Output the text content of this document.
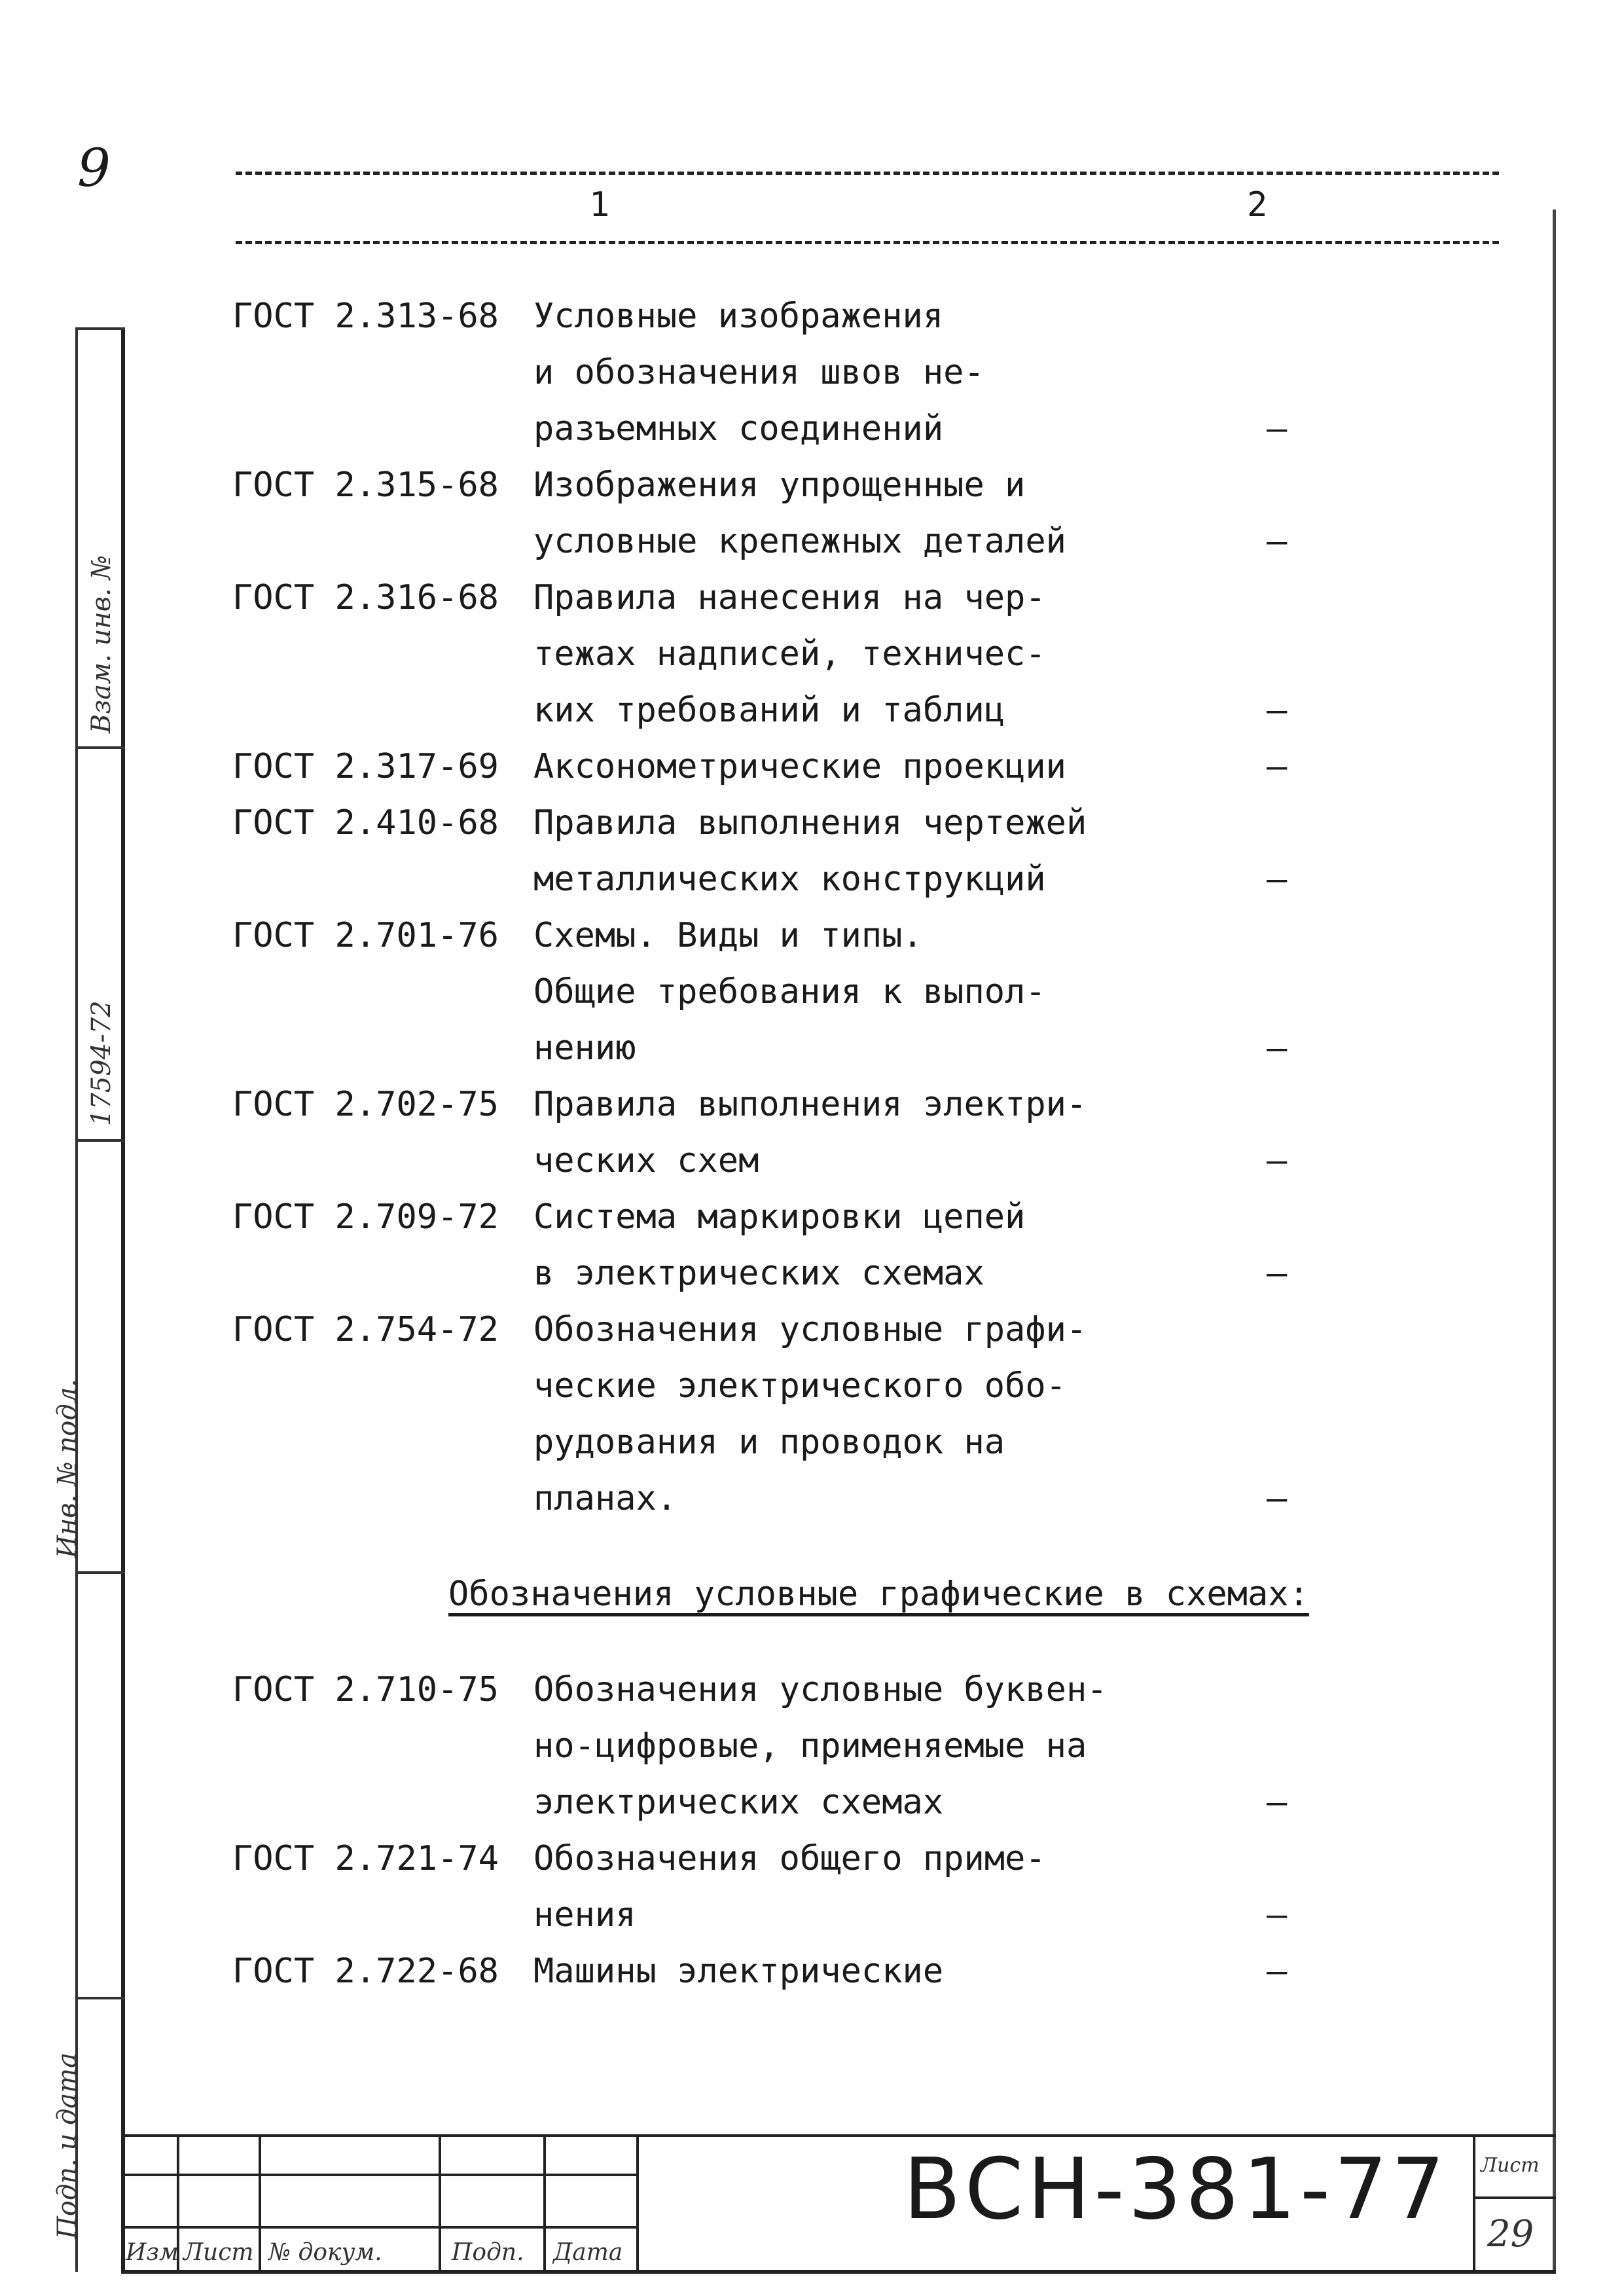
9
Взам. инв. №
17594-72
Инв. № подл.
Подп. и дата
1	2
ГОСТ 2.313-68 Условные изображения
и обозначения швов не-
разъемных соединений	–
ГОСТ 2.315-68 Изображения упрощенные и
условные крепежных деталей	–
ГОСТ 2.316-68 Правила нанесения на чер-
тежах надписей, техничес-
ких требований и таблиц	–
ГОСТ 2.317-69 Аксонометрические проекции	–
ГОСТ 2.410-68 Правила выполнения чертежей
металлических конструкций	–
ГОСТ 2.701-76 Схемы. Виды и типы.
Общие требования к выпол-
нению	–
ГОСТ 2.702-75 Правила выполнения электри-
ческих схем	–
ГОСТ 2.709-72 Система маркировки цепей
в электрических схемах	–
ГОСТ 2.754-72 Обозначения условные графи-
ческие электрического обо-
рудования и проводок на
планах.	–
Обозначения условные графические в схемах:
ГОСТ 2.710-75 Обозначения условные буквен-
но-цифровые, применяемые на
электрических схемах	–
ГОСТ 2.721-74 Обозначения общего приме-
нения	–
ГОСТ 2.722-68 Машины электрические	–
Изм Лист № докум.	Подп. Дата
ВСН-381-77 Лист
29
